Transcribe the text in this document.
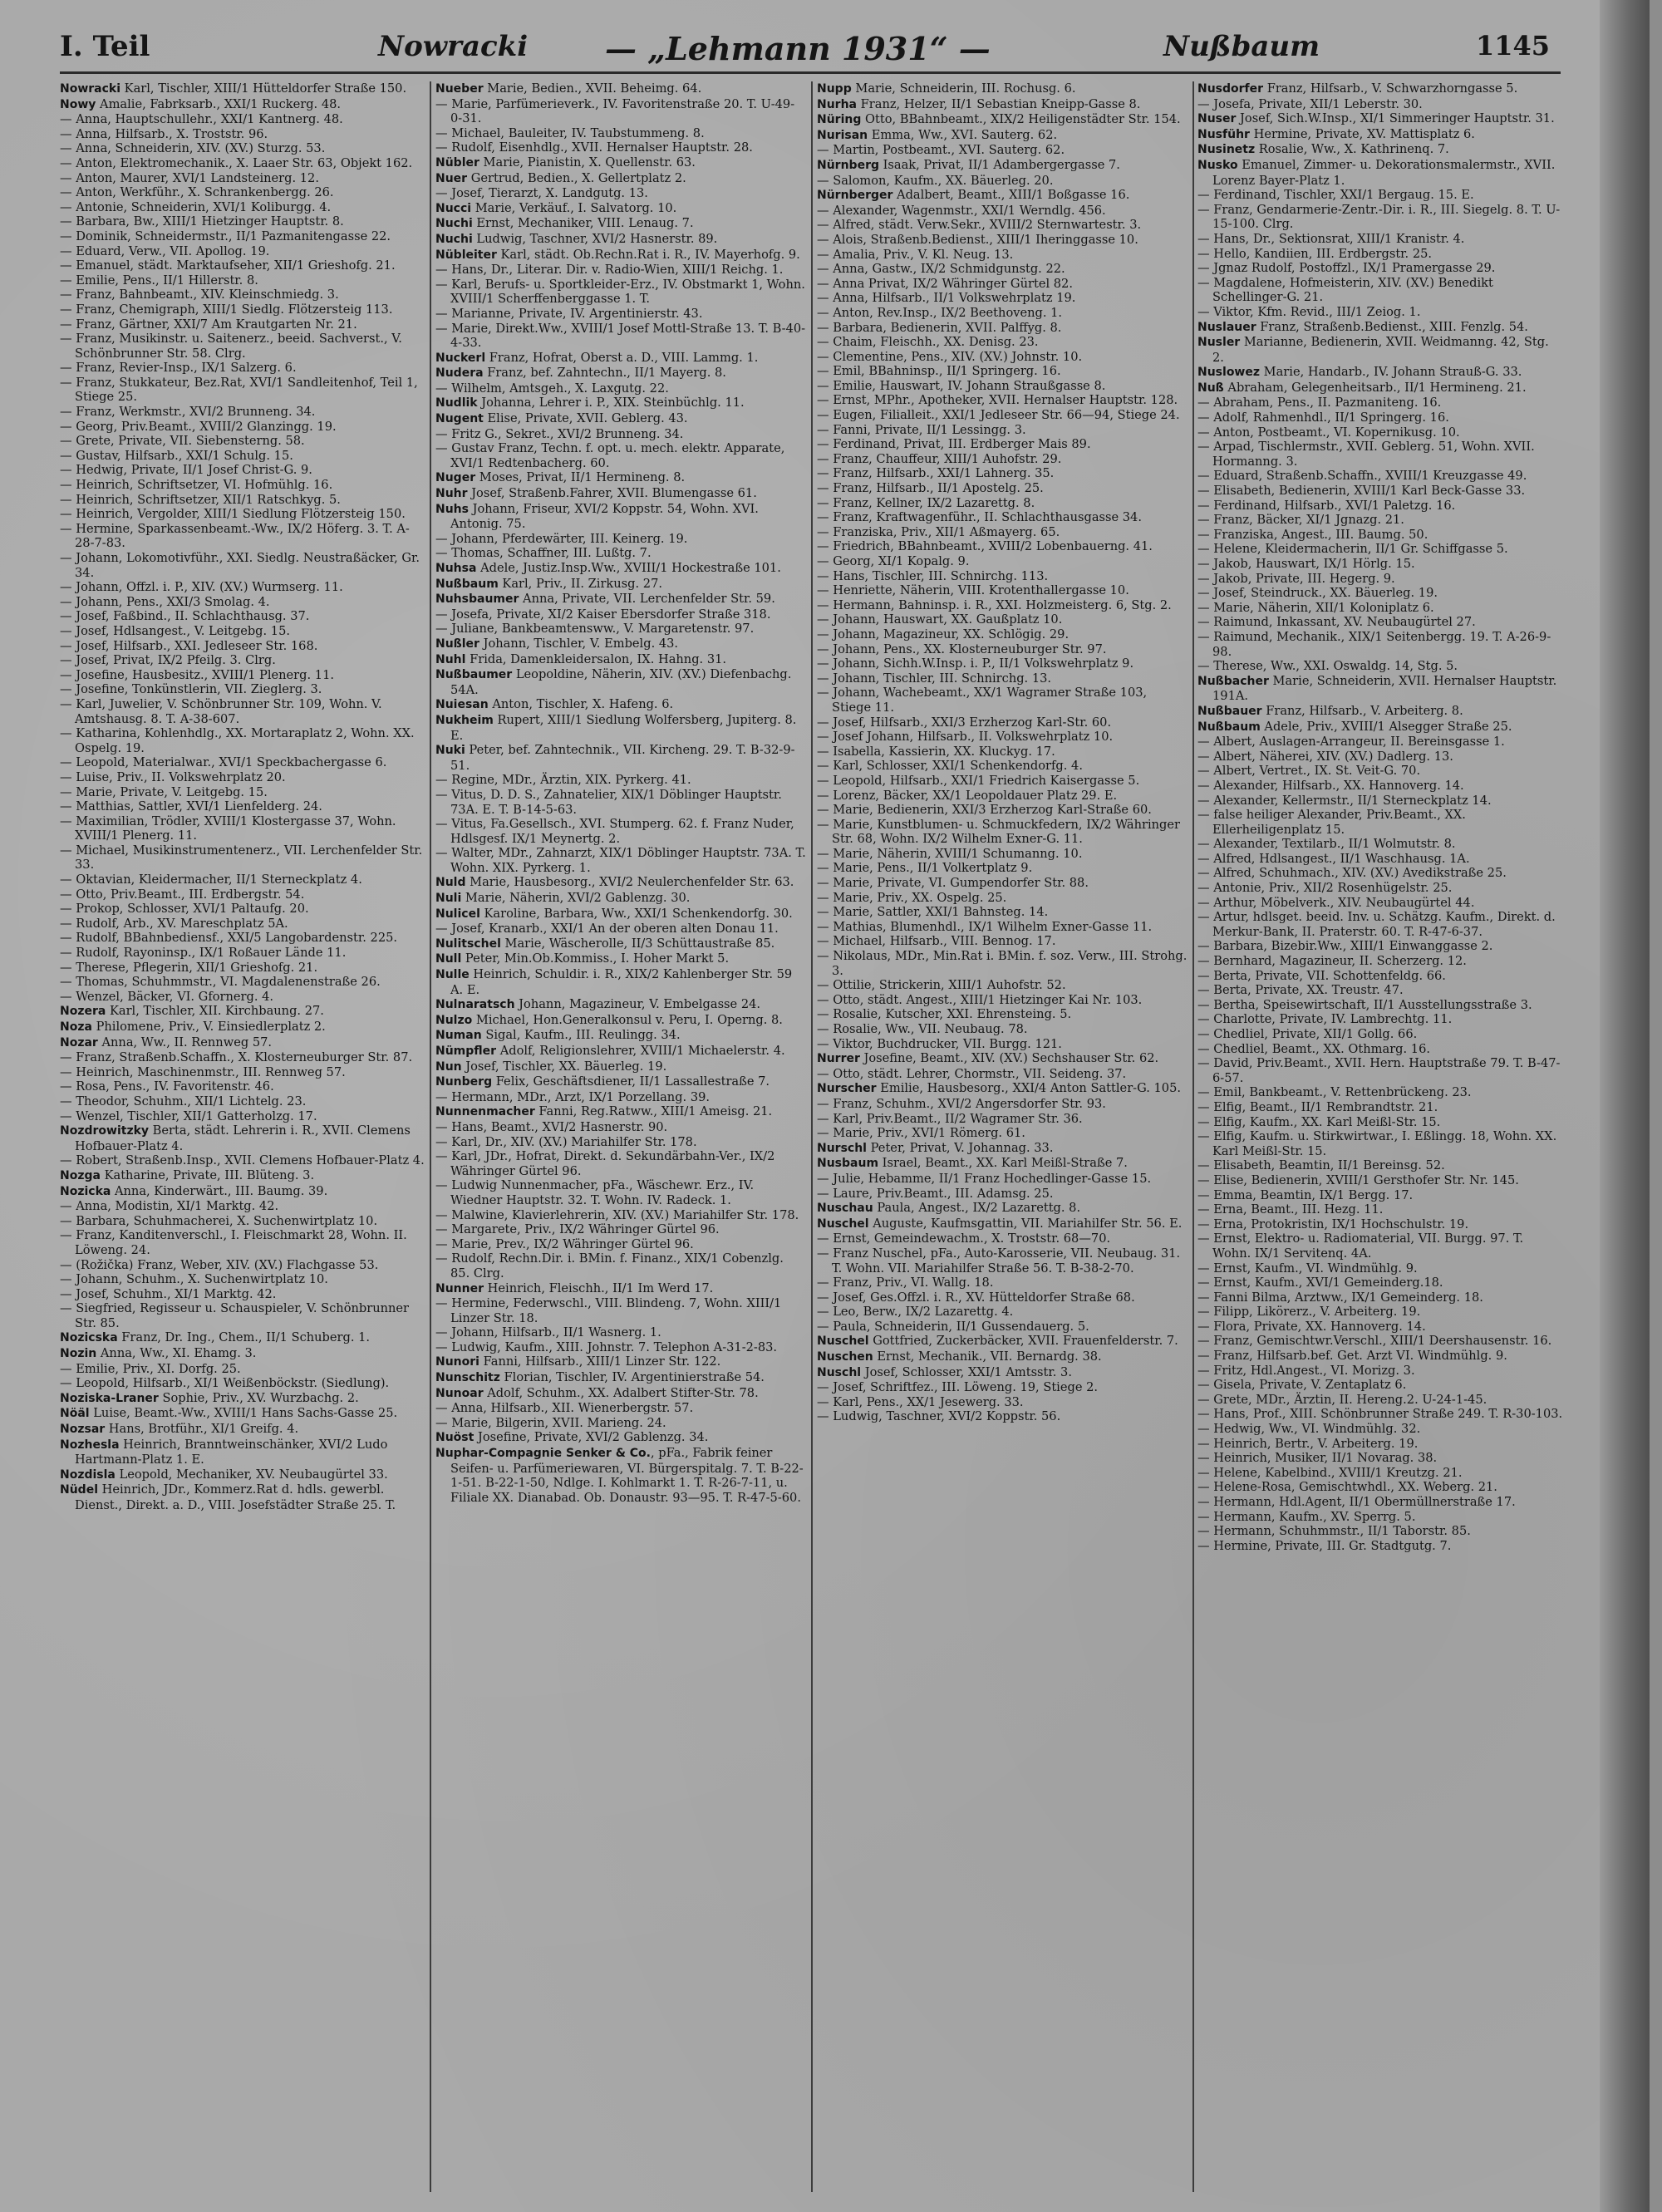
I. Teil	Nowracki — „Lehmann 1931“ —	Nußbaum	1145
Nowracki Karl, Tischler, XIII/1 Hütteldorfer Straße 150.
Nowy Amalie, Fabrksarb., XXI/1 Ruckerg. 48.
— Anna, Hauptschullehr., XXI/1 Kantnerg. 48.
— Anna, Hilfsarb., X. Troststr. 96.
— Anna, Schneiderin, XIV. (XV.) Sturzg. 53.
— Anton, Elektromechanik., X. Laaer Str. 63, Objekt 162.
— Anton, Maurer, XVI/1 Landsteinerg. 12.
— Anton, Werkführ., X. Schrankenbergg. 26.
— Antonie, Schneiderin, XVI/1 Koliburgg. 4.
— Barbara, Bw., XIII/1 Hietzinger Hauptstr. 8.
— Dominik, Schneidermstr., II/1 Pazmanitengasse 22.
— Eduard, Verw., VII. Apollog. 19.
— Emanuel, städt. Marktaufseher, XII/1 Grieshofg. 21.
— Emilie, Pens., II/1 Hillerstr. 8.
— Franz, Bahnbeamt., XIV. Kleinschmiedg. 3.
— Franz, Chemigraph, XIII/1 Siedlg. Flötzersteig 113.
— Franz, Gärtner, XXI/7 Am Krautgarten Nr. 21.
— Franz, Musikinstr. u. Saitenerz., beeid. Sachverst., V. Schönbrunner Str. 58. Clrg.
— Franz, Revier-Insp., IX/1 Salzerg. 6.
— Franz, Stukkateur, Bez.Rat, XVI/1 Sandleitenhof, Teil 1, Stiege 25.
— Franz, Werkmstr., XVI/2 Brunneng. 34.
— Georg, Priv.Beamt., XVIII/2 Glanzingg. 19.
— Grete, Private, VII. Siebensterng. 58.
— Gustav, Hilfsarb., XXI/1 Schulg. 15.
— Hedwig, Private, II/1 Josef Christ-G. 9.
— Heinrich, Schriftsetzer, VI. Hofmühlg. 16.
— Heinrich, Schriftsetzer, XII/1 Ratschkyg. 5.
— Heinrich, Vergolder, XIII/1 Siedlung Flötzersteig 150.
— Hermine, Sparkassenbeamt.-Ww., IX/2 Höferg. 3. T. A-28-7-83.
— Johann, Lokomotivführ., XXI. Siedlg. Neustraßäcker, Gr. 34.
— Johann, Offzl. i. P., XIV. (XV.) Wurmserg. 11.
— Johann, Pens., XXI/3 Smolag. 4.
— Josef, Faßbind., II. Schlachthausg. 37.
— Josef, Hdlsangest., V. Leitgebg. 15.
— Josef, Hilfsarb., XXI. Jedleseer Str. 168.
— Josef, Privat, IX/2 Pfeilg. 3. Clrg.
— Josefine, Hausbesitz., XVIII/1 Plenerg. 11.
— Josefine, Tonkünstlerin, VII. Zieglerg. 3.
— Karl, Juwelier, V. Schönbrunner Str. 109, Wohn. V. Amtshausg. 8. T. A-38-607.
— Katharina, Kohlenhdlg., XX. Mortaraplatz 2, Wohn. XX. Ospelg. 19.
— Leopold, Materialwar., XVI/1 Speckbachergasse 6.
— Luise, Priv., II. Volkswehrplatz 20.
— Marie, Private, V. Leitgebg. 15.
— Matthias, Sattler, XVI/1 Lienfelderg. 24.
— Maximilian, Trödler, XVIII/1 Klostergasse 37, Wohn. XVIII/1 Plenerg. 11.
— Michael, Musikinstrumentenerz., VII. Lerchenfelder Str. 33.
— Oktavian, Kleidermacher, II/1 Sterneckplatz 4.
— Otto, Priv.Beamt., III. Erdbergstr. 54.
— Prokop, Schlosser, XVI/1 Paltaufg. 20.
— Rudolf, Arb., XV. Mareschplatz 5A.
— Rudolf, BBahnbediensf., XXI/5 Langobardenstr. 225.
— Rudolf, Rayoninsp., IX/1 Roßauer Lände 11.
— Therese, Pflegerin, XII/1 Grieshofg. 21.
— Thomas, Schuhmmstr., VI. Magdalenenstraße 26.
— Wenzel, Bäcker, VI. Gfornerg. 4.
Nozera Karl, Tischler, XII. Kirchbaung. 27.
Noza Philomene, Priv., V. Einsiedlerplatz 2.
Nozar Anna, Ww., II. Rennweg 57.
— Franz, Straßenb.Schaffn., X. Klosterneuburger Str. 87.
— Heinrich, Maschinenmstr., III. Rennweg 57.
— Rosa, Pens., IV. Favoritenstr. 46.
— Theodor, Schuhm., XII/1 Lichtelg. 23.
— Wenzel, Tischler, XII/1 Gatterholzg. 17.
Nozdrowitzky Berta, städt. Lehrerin i. R., XVII. Clemens Hofbauer-Platz 4.
— Robert, Straßenb.Insp., XVII. Clemens Hofbauer-Platz 4.
Nozga Katharine, Private, III. Blüteng. 3.
Nozicka Anna, Kinderwärt., III. Baumg. 39.
— Anna, Modistin, XI/1 Marktg. 42.
— Barbara, Schuhmacherei, X. Suchenwirtplatz 10.
— Franz, Kanditenverschl., I. Fleischmarkt 28, Wohn. II. Löweng. 24.
— (Rožička) Franz, Weber, XIV. (XV.) Flachgasse 53.
— Johann, Schuhm., X. Suchenwirtplatz 10.
— Josef, Schuhm., XI/1 Marktg. 42.
— Siegfried, Regisseur u. Schauspieler, V. Schönbrunner Str. 85.
Nozicska Franz, Dr. Ing., Chem., II/1 Schuberg. 1.
Nozin Anna, Ww., XI. Ehamg. 3.
— Emilie, Priv., XI. Dorfg. 25.
— Leopold, Hilfsarb., XI/1 Weißenböckstr. (Siedlung).
Noziska-Lraner Sophie, Priv., XV. Wurzbachg. 2.
Nöäl Luise, Beamt.-Ww., XVIII/1 Hans Sachs-Gasse 25.
Nozsar Hans, Brotführ., XI/1 Greifg. 4.
Nozhesla Heinrich, Branntweinschänker, XVI/2 Ludo Hartmann-Platz 1. E.
Nozdisla Leopold, Mechaniker, XV. Neubaugürtel 33.
Nüdel Heinrich, JDr., Kommerz.Rat d. hdls. gewerbl. Dienst., Direkt. a. D., VIII. Josefstädter Straße 25. T.
Nueber Marie, Bedien., XVII. Beheimg. 64.
— Marie, Parfümerieverk., IV. Favoritenstraße 20. T. U-49-0-31.
— Michael, Bauleiter, IV. Taubstummeng. 8.
— Rudolf, Eisenhdlg., XVII. Hernalser Hauptstr. 28.
Nübler Marie, Pianistin, X. Quellenstr. 63.
Nuer Gertrud, Bedien., X. Gellertplatz 2.
— Josef, Tierarzt, X. Landgutg. 13.
Nucci Marie, Verkäuf., I. Salvatorg. 10.
Nuchi Ernst, Mechaniker, VIII. Lenaug. 7.
Nuchi Ludwig, Taschner, XVI/2 Hasnerstr. 89.
Nübleiter Karl, städt. Ob.Rechn.Rat i. R., IV. Mayerhofg. 9.
— Hans, Dr., Literar. Dir. v. Radio-Wien, XIII/1 Reichg. 1.
— Karl, Berufs- u. Sportkleider-Erz., IV. Obstmarkt 1, Wohn. XVIII/1 Scherffenberggasse 1. T.
— Marianne, Private, IV. Argentinierstr. 43.
— Marie, Direkt.Ww., XVIII/1 Josef Mottl-Straße 13. T. B-40-4-33.
Nuckerl Franz, Hofrat, Oberst a. D., VIII. Lammg. 1.
Nudera Franz, bef. Zahntechn., II/1 Mayerg. 8.
— Wilhelm, Amtsgeh., X. Laxgutg. 22.
Nudlik Johanna, Lehrer i. P., XIX. Steinbüchlg. 11.
Nugent Elise, Private, XVII. Geblerg. 43.
— Fritz G., Sekret., XVI/2 Brunneng. 34.
— Gustav Franz, Techn. f. opt. u. mech. elektr. Apparate, XVI/1 Redtenbacherg. 60.
Nuger Moses, Privat, II/1 Hermineng. 8.
Nuhr Josef, Straßenb.Fahrer, XVII. Blumengasse 61.
Nuhs Johann, Friseur, XVI/2 Koppstr. 54, Wohn. XVI. Antonig. 75.
— Johann, Pferdewärter, III. Keinerg. 19.
— Thomas, Schaffner, III. Lußtg. 7.
Nuhsa Adele, Justiz.Insp.Ww., XVIII/1 Hockestraße 101.
Nußbaum Karl, Priv., II. Zirkusg. 27.
Nuhsbaumer Anna, Private, VII. Lerchenfelder Str. 59.
— Josefa, Private, XI/2 Kaiser Ebersdorfer Straße 318.
— Juliane, Bankbeamtensww., V. Margaretenstr. 97.
Nußler Johann, Tischler, V. Embelg. 43.
Nuhl Frida, Damenkleidersalon, IX. Hahng. 31.
Nußbaumer Leopoldine, Näherin, XIV. (XV.) Diefenbachg. 54A.
Nuiesan Anton, Tischler, X. Hafeng. 6.
Nukheim Rupert, XIII/1 Siedlung Wolfersberg, Jupiterg. 8. E.
Nuki Peter, bef. Zahntechnik., VII. Kircheng. 29. T. B-32-9-51.
— Regine, MDr., Ärztin, XIX. Pyrkerg. 41.
— Vitus, D. D. S., Zahnatelier, XIX/1 Döblinger Hauptstr. 73A. E. T. B-14-5-63.
— Vitus, Fa.Gesellsch., XVI. Stumperg. 62. f. Franz Nuder, Hdlsgesf. IX/1 Meynertg. 2.
— Walter, MDr., Zahnarzt, XIX/1 Döblinger Hauptstr. 73A. T. Wohn. XIX. Pyrkerg. 1.
Nuld Marie, Hausbesorg., XVI/2 Neulerchenfelder Str. 63.
Nuli Marie, Näherin, XVI/2 Gablenzg. 30.
Nulicel Karoline, Barbara, Ww., XXI/1 Schenkendorfg. 30.
— Josef, Kranarb., XXI/1 An der oberen alten Donau 11.
Nulitschel Marie, Wäscherolle, II/3 Schüttaustraße 85.
Null Peter, Min.Ob.Kommiss., I. Hoher Markt 5.
Nulle Heinrich, Schuldir. i. R., XIX/2 Kahlenberger Str. 59 A. E.
Nulnaratsch Johann, Magazineur, V. Embelgasse 24.
Nulzo Michael, Hon.Generalkonsul v. Peru, I. Operng. 8.
Numan Sigal, Kaufm., III. Reulingg. 34.
Nümpfler Adolf, Religionslehrer, XVIII/1 Michaelerstr. 4.
Nun Josef, Tischler, XX. Bäuerleg. 19.
Nunberg Felix, Geschäftsdiener, II/1 Lassallestraße 7.
— Hermann, MDr., Arzt, IX/1 Porzellang. 39.
Nunnenmacher Fanni, Reg.Ratww., XIII/1 Ameisg. 21.
— Hans, Beamt., XVI/2 Hasnerstr. 90.
— Karl, Dr., XIV. (XV.) Mariahilfer Str. 178.
— Karl, JDr., Hofrat, Direkt. d. Sekundärbahn-Ver., IX/2 Währinger Gürtel 96.
— Ludwig Nunnenmacher, pFa., Wäschewr. Erz., IV. Wiedner Hauptstr. 32. T. Wohn. IV. Radeck. 1.
— Malwine, Klavierlehrerin, XIV. (XV.) Mariahilfer Str. 178.
— Margarete, Priv., IX/2 Währinger Gürtel 96.
— Marie, Prev., IX/2 Währinger Gürtel 96.
— Rudolf, Rechn.Dir. i. BMin. f. Finanz., XIX/1 Cobenzlg. 85. Clrg.
Nunner Heinrich, Fleischh., II/1 Im Werd 17.
— Hermine, Federwschl., VIII. Blindeng. 7, Wohn. XIII/1 Linzer Str. 18.
— Johann, Hilfsarb., II/1 Wasnerg. 1.
— Ludwig, Kaufm., XIII. Johnstr. 7. Telephon A-31-2-83.
Nunori Fanni, Hilfsarb., XIII/1 Linzer Str. 122.
Nunschitz Florian, Tischler, IV. Argentinierstraße 54.
Nunoar Adolf, Schuhm., XX. Adalbert Stifter-Str. 78.
— Anna, Hilfsarb., XII. Wienerbergstr. 57.
— Marie, Bilgerin, XVII. Marieng. 24.
Nuöst Josefine, Private, XVI/2 Gablenzg. 34.
Nuphar-Compagnie Senker & Co., pFa., Fabrik feiner Seifen- u. Parfümeriewaren, VI. Bürgerspitalg. 7. T. B-22-1-51. B-22-1-50, Ndlge. I. Kohlmarkt 1. T. R-26-7-11, u. Filiale XX. Dianabad. Ob. Donaustr. 93—95. T. R-47-5-60.
Nupp Marie, Schneiderin, III. Rochusg. 6.
Nurha Franz, Helzer, II/1 Sebastian Kneipp-Gasse 8.
Nüring Otto, BBahnbeamt., XIX/2 Heiligenstädter Str. 154.
Nurisan Emma, Ww., XVI. Sauterg. 62.
— Martin, Postbeamt., XVI. Sauterg. 62.
Nürnberg Isaak, Privat, II/1 Adambergergasse 7.
— Salomon, Kaufm., XX. Bäuerleg. 20.
Nürnberger Adalbert, Beamt., XIII/1 Boßgasse 16.
— Alexander, Wagenmstr., XXI/1 Werndlg. 456.
— Alfred, städt. Verw.Sekr., XVIII/2 Sternwartestr. 3.
— Alois, Straßenb.Bedienst., XIII/1 Iheringgasse 10.
— Amalia, Priv., V. Kl. Neug. 13.
— Anna, Gastw., IX/2 Schmidgunstg. 22.
— Anna Privat, IX/2 Währinger Gürtel 82.
— Anna, Hilfsarb., II/1 Volkswehrplatz 19.
— Anton, Rev.Insp., IX/2 Beethoveng. 1.
— Barbara, Bedienerin, XVII. Palffyg. 8.
— Chaim, Fleischh., XX. Denisg. 23.
— Clementine, Pens., XIV. (XV.) Johnstr. 10.
— Emil, BBahninsp., II/1 Springerg. 16.
— Emilie, Hauswart, IV. Johann Straußgasse 8.
— Ernst, MPhr., Apotheker, XVII. Hernalser Hauptstr. 128.
— Eugen, Filialleit., XXI/1 Jedleseer Str. 66—94, Stiege 24.
— Fanni, Private, II/1 Lessingg. 3.
— Ferdinand, Privat, III. Erdberger Mais 89.
— Franz, Chauffeur, XIII/1 Auhofstr. 29.
— Franz, Hilfsarb., XXI/1 Lahnerg. 35.
— Franz, Hilfsarb., II/1 Apostelg. 25.
— Franz, Kellner, IX/2 Lazarettg. 8.
— Franz, Kraftwagenführ., II. Schlachthausgasse 34.
— Franziska, Priv., XII/1 Aßmayerg. 65.
— Friedrich, BBahnbeamt., XVIII/2 Lobenbauerng. 41.
— Georg, XI/1 Kopalg. 9.
— Hans, Tischler, III. Schnirchg. 113.
— Henriette, Näherin, VIII. Krotenthallergasse 10.
— Hermann, Bahninsp. i. R., XXI. Holzmeisterg. 6, Stg. 2.
— Johann, Hauswart, XX. Gaußplatz 10.
— Johann, Magazineur, XX. Schlögig. 29.
— Johann, Pens., XX. Klosterneuburger Str. 97.
— Johann, Sichh.W.Insp. i. P., II/1 Volkswehrplatz 9.
— Johann, Tischler, III. Schnirchg. 13.
— Johann, Wachebeamt., XX/1 Wagramer Straße 103, Stiege 11.
— Josef, Hilfsarb., XXI/3 Erzherzog Karl-Str. 60.
— Josef Johann, Hilfsarb., II. Volkswehrplatz 10.
— Isabella, Kassierin, XX. Kluckyg. 17.
— Karl, Schlosser, XXI/1 Schenkendorfg. 4.
— Leopold, Hilfsarb., XXI/1 Friedrich Kaisergasse 5.
— Lorenz, Bäcker, XX/1 Leopoldauer Platz 29. E.
— Marie, Bedienerin, XXI/3 Erzherzog Karl-Straße 60.
— Marie, Kunstblumen- u. Schmuckfedern, IX/2 Währinger Str. 68, Wohn. IX/2 Wilhelm Exner-G. 11.
— Marie, Näherin, XVIII/1 Schumanng. 10.
— Marie, Pens., II/1 Volkertplatz 9.
— Marie, Private, VI. Gumpendorfer Str. 88.
— Marie, Priv., XX. Ospelg. 25.
— Marie, Sattler, XXI/1 Bahnsteg. 14.
— Mathias, Blumenhdl., IX/1 Wilhelm Exner-Gasse 11.
— Michael, Hilfsarb., VIII. Bennog. 17.
— Nikolaus, MDr., Min.Rat i. BMin. f. soz. Verw., III. Strohg. 3.
— Ottilie, Strickerin, XIII/1 Auhofstr. 52.
— Otto, städt. Angest., XIII/1 Hietzinger Kai Nr. 103.
— Rosalie, Kutscher, XXI. Ehrensteing. 5.
— Rosalie, Ww., VII. Neubaug. 78.
— Viktor, Buchdrucker, VII. Burgg. 121.
Nurrer Josefine, Beamt., XIV. (XV.) Sechshauser Str. 62.
— Otto, städt. Lehrer, Chormstr., VII. Seideng. 37.
Nurscher Emilie, Hausbesorg., XXI/4 Anton Sattler-G. 105.
— Franz, Schuhm., XVI/2 Angersdorfer Str. 93.
— Karl, Priv.Beamt., II/2 Wagramer Str. 36.
— Marie, Priv., XVI/1 Römerg. 61.
Nurschl Peter, Privat, V. Johannag. 33.
Nusbaum Israel, Beamt., XX. Karl Meißl-Straße 7.
— Julie, Hebamme, II/1 Franz Hochedlinger-Gasse 15.
— Laure, Priv.Beamt., III. Adamsg. 25.
Nuschau Paula, Angest., IX/2 Lazarettg. 8.
Nuschel Auguste, Kaufmsgattin, VII. Mariahilfer Str. 56. E.
— Ernst, Gemeindewachm., X. Troststr. 68—70.
— Franz Nuschel, pFa., Auto-Karosserie, VII. Neubaug. 31. T. Wohn. VII. Mariahilfer Straße 56. T. B-38-2-70.
— Franz, Priv., VI. Wallg. 18.
— Josef, Ges.Offzl. i. R., XV. Hütteldorfer Straße 68.
— Leo, Berw., IX/2 Lazarettg. 4.
— Paula, Schneiderin, II/1 Gussendauerg. 5.
Nuschel Gottfried, Zuckerbäcker, XVII. Frauenfelderstr. 7.
Nuschen Ernst, Mechanik., VII. Bernardg. 38.
Nuschl Josef, Schlosser, XXI/1 Amtsstr. 3.
— Josef, Schriftfez., III. Löweng. 19, Stiege 2.
— Karl, Pens., XX/1 Jesewerg. 33.
— Ludwig, Taschner, XVI/2 Koppstr. 56.
Nusdorfer Franz, Hilfsarb., V. Schwarzhorngasse 5.
— Josefa, Private, XII/1 Leberstr. 30.
Nuser Josef, Sich.W.Insp., XI/1 Simmeringer Hauptstr. 31.
Nusführ Hermine, Private, XV. Mattisplatz 6.
Nusinetz Rosalie, Ww., X. Kathrinenq. 7.
Nusko Emanuel, Zimmer- u. Dekorationsmalermstr., XVII. Lorenz Bayer-Platz 1.
— Ferdinand, Tischler, XXI/1 Bergaug. 15. E.
— Franz, Gendarmerie-Zentr.-Dir. i. R., III. Siegelg. 8. T. U-15-100. Clrg.
— Hans, Dr., Sektionsrat, XIII/1 Kranistr. 4.
— Hello, Kandiien, III. Erdbergstr. 25.
— Jgnaz Rudolf, Postoffzl., IX/1 Pramergasse 29.
— Magdalene, Hofmeisterin, XIV. (XV.) Benedikt Schellinger-G. 21.
— Viktor, Kfm. Revid., III/1 Zeiog. 1.
Nuslauer Franz, Straßenb.Bedienst., XIII. Fenzlg. 54.
Nusler Marianne, Bedienerin, XVII. Weidmanng. 42, Stg. 2.
Nuslowez Marie, Handarb., IV. Johann Strauß-G. 33.
Nuß Abraham, Gelegenheitsarb., II/1 Hermineng. 21.
— Abraham, Pens., II. Pazmaniteng. 16.
— Adolf, Rahmenhdl., II/1 Springerg. 16.
— Anton, Postbeamt., VI. Kopernikusg. 10.
— Arpad, Tischlermstr., XVII. Geblerg. 51, Wohn. XVII. Hormanng. 3.
— Eduard, Straßenb.Schaffn., XVIII/1 Kreuzgasse 49.
— Elisabeth, Bedienerin, XVIII/1 Karl Beck-Gasse 33.
— Ferdinand, Hilfsarb., XVI/1 Paletzg. 16.
— Franz, Bäcker, XI/1 Jgnazg. 21.
— Franziska, Angest., III. Baumg. 50.
— Helene, Kleidermacherin, II/1 Gr. Schiffgasse 5.
— Jakob, Hauswart, IX/1 Hörlg. 15.
— Jakob, Private, III. Hegerg. 9.
— Josef, Steindruck., XX. Bäuerleg. 19.
— Marie, Näherin, XII/1 Koloniplatz 6.
— Raimund, Inkassant, XV. Neubaugürtel 27.
— Raimund, Mechanik., XIX/1 Seitenbergg. 19. T. A-26-9-98.
— Therese, Ww., XXI. Oswaldg. 14, Stg. 5.
Nußbacher Marie, Schneiderin, XVII. Hernalser Hauptstr. 191A.
Nußbauer Franz, Hilfsarb., V. Arbeiterg. 8.
Nußbaum Adele, Priv., XVIII/1 Alsegger Straße 25.
— Albert, Auslagen-Arrangeur, II. Bereinsgasse 1.
— Albert, Näherei, XIV. (XV.) Dadlerg. 13.
— Albert, Vertret., IX. St. Veit-G. 70.
— Alexander, Hilfsarb., XX. Hannoverg. 14.
— Alexander, Kellermstr., II/1 Sterneckplatz 14.
— false heiliger Alexander, Priv.Beamt., XX. Ellerheiligenplatz 15.
— Alexander, Textilarb., II/1 Wolmutstr. 8.
— Alfred, Hdlsangest., II/1 Waschhausg. 1A.
— Alfred, Schuhmach., XIV. (XV.) Avedikstraße 25.
— Antonie, Priv., XII/2 Rosenhügelstr. 25.
— Arthur, Möbelverk., XIV. Neubaugürtel 44.
— Artur, hdlsget. beeid. Inv. u. Schätzg. Kaufm., Direkt. d. Merkur-Bank, II. Praterstr. 60. T. R-47-6-37.
— Barbara, Bizebir.Ww., XIII/1 Einwanggasse 2.
— Bernhard, Magazineur, II. Scherzerg. 12.
— Berta, Private, VII. Schottenfeldg. 66.
— Berta, Private, XX. Treustr. 47.
— Bertha, Speisewirtschaft, II/1 Ausstellungsstraße 3.
— Charlotte, Private, IV. Lambrechtg. 11.
— Chedliel, Private, XII/1 Gollg. 66.
— Chedliel, Beamt., XX. Othmarg. 16.
— David, Priv.Beamt., XVII. Hern. Hauptstraße 79. T. B-47-6-57.
— Emil, Bankbeamt., V. Rettenbrückeng. 23.
— Elfig, Beamt., II/1 Rembrandtstr. 21.
— Elfig, Kaufm., XX. Karl Meißl-Str. 15.
— Elfig, Kaufm. u. Stirkwirtwar., I. Eßlingg. 18, Wohn. XX. Karl Meißl-Str. 15.
— Elisabeth, Beamtin, II/1 Bereinsg. 52.
— Elise, Bedienerin, XVIII/1 Gersthofer Str. Nr. 145.
— Emma, Beamtin, IX/1 Bergg. 17.
— Erna, Beamt., III. Hezg. 11.
— Erna, Protokristin, IX/1 Hochschulstr. 19.
— Ernst, Elektro- u. Radiomaterial, VII. Burgg. 97. T. Wohn. IX/1 Servitenq. 4A.
— Ernst, Kaufm., VI. Windmühlg. 9.
— Ernst, Kaufm., XVI/1 Gemeinderg.18.
— Fanni Bilma, Arztww., IX/1 Gemeinderg. 18.
— Filipp, Likörerz., V. Arbeiterg. 19.
— Flora, Private, XX. Hannoverg. 14.
— Franz, Gemischtwr.Verschl., XIII/1 Deershausenstr. 16.
— Franz, Hilfsarb.bef. Get. Arzt VI. Windmühlg. 9.
— Fritz, Hdl.Angest., VI. Morizg. 3.
— Gisela, Private, V. Zentaplatz 6.
— Grete, MDr., Ärztin, II. Hereng.2. U-24-1-45.
— Hans, Prof., XIII. Schönbrunner Straße 249. T. R-30-103.
— Hedwig, Ww., VI. Windmühlg. 32.
— Heinrich, Bertr., V. Arbeiterg. 19.
— Heinrich, Musiker, II/1 Novarag. 38.
— Helene, Kabelbind., XVIII/1 Kreutzg. 21.
— Helene-Rosa, Gemischtwhdl., XX. Weberg. 21.
— Hermann, Hdl.Agent, II/1 Obermüllnerstraße 17.
— Hermann, Kaufm., XV. Sperrg. 5.
— Hermann, Schuhmmstr., II/1 Taborstr. 85.
— Hermine, Private, III. Gr. Stadtgutg. 7.
